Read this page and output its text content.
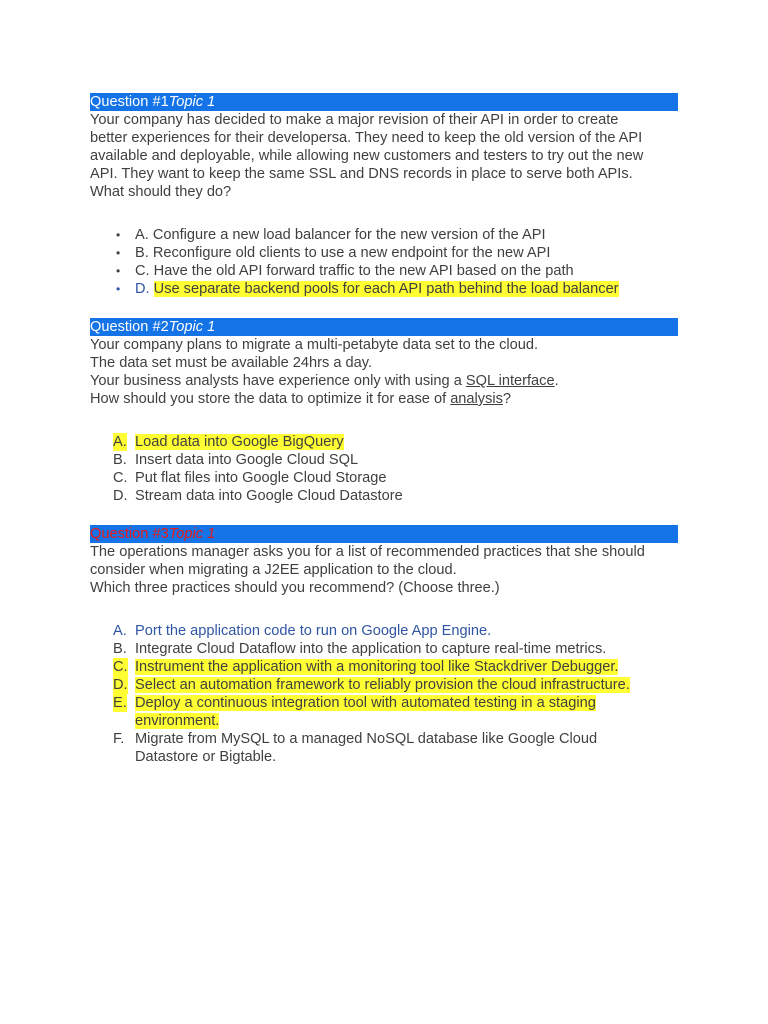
Question #1Topic 1

Your company has decided to make a major revision of their API in order to create

better experiences for their developersa. They need to keep the old version of the API

available and deployable, while allowing new customers and testers to try out the new

API. They want to keep the same SSL and DNS records in place to serve both APIs.

What should they do?

• A. Configure a new load balancer for the new version of the API
• B. Reconfigure old clients to use a new endpoint for the new API
• C. Have the old API forward traffic to the new API based on the path
• D. Use separate backend pools for each API path behind the load balancer
Question #2Topic 1

Your company plans to migrate a multi-petabyte data set to the cloud.

The data set must be available 24hrs a day.

Your business analysts have experience only with using a SQL interface.

How should you store the data to optimize it for ease of analysis?

A. Load data into Google BigQuery
B. Insert data into Google Cloud SQL
C. Put flat files into Google Cloud Storage
D. Stream data into Google Cloud Datastore
Question #3Topic 1

The operations manager asks you for a list of recommended practices that she should

consider when migrating a J2EE application to the cloud.

Which three practices should you recommend? (Choose three.)

A. Port the application code to run on Google App Engine.
B. Integrate Cloud Dataflow into the application to capture real-time metrics.
C. Instrument the application with a monitoring tool like Stackdriver Debugger.
D. Select an automation framework to reliably provision the cloud infrastructure.
E. Deploy a continuous integration tool with automated testing in a staging
environment.
F. Migrate from MySQL to a managed NoSQL database like Google Cloud
Datastore or Bigtable.
